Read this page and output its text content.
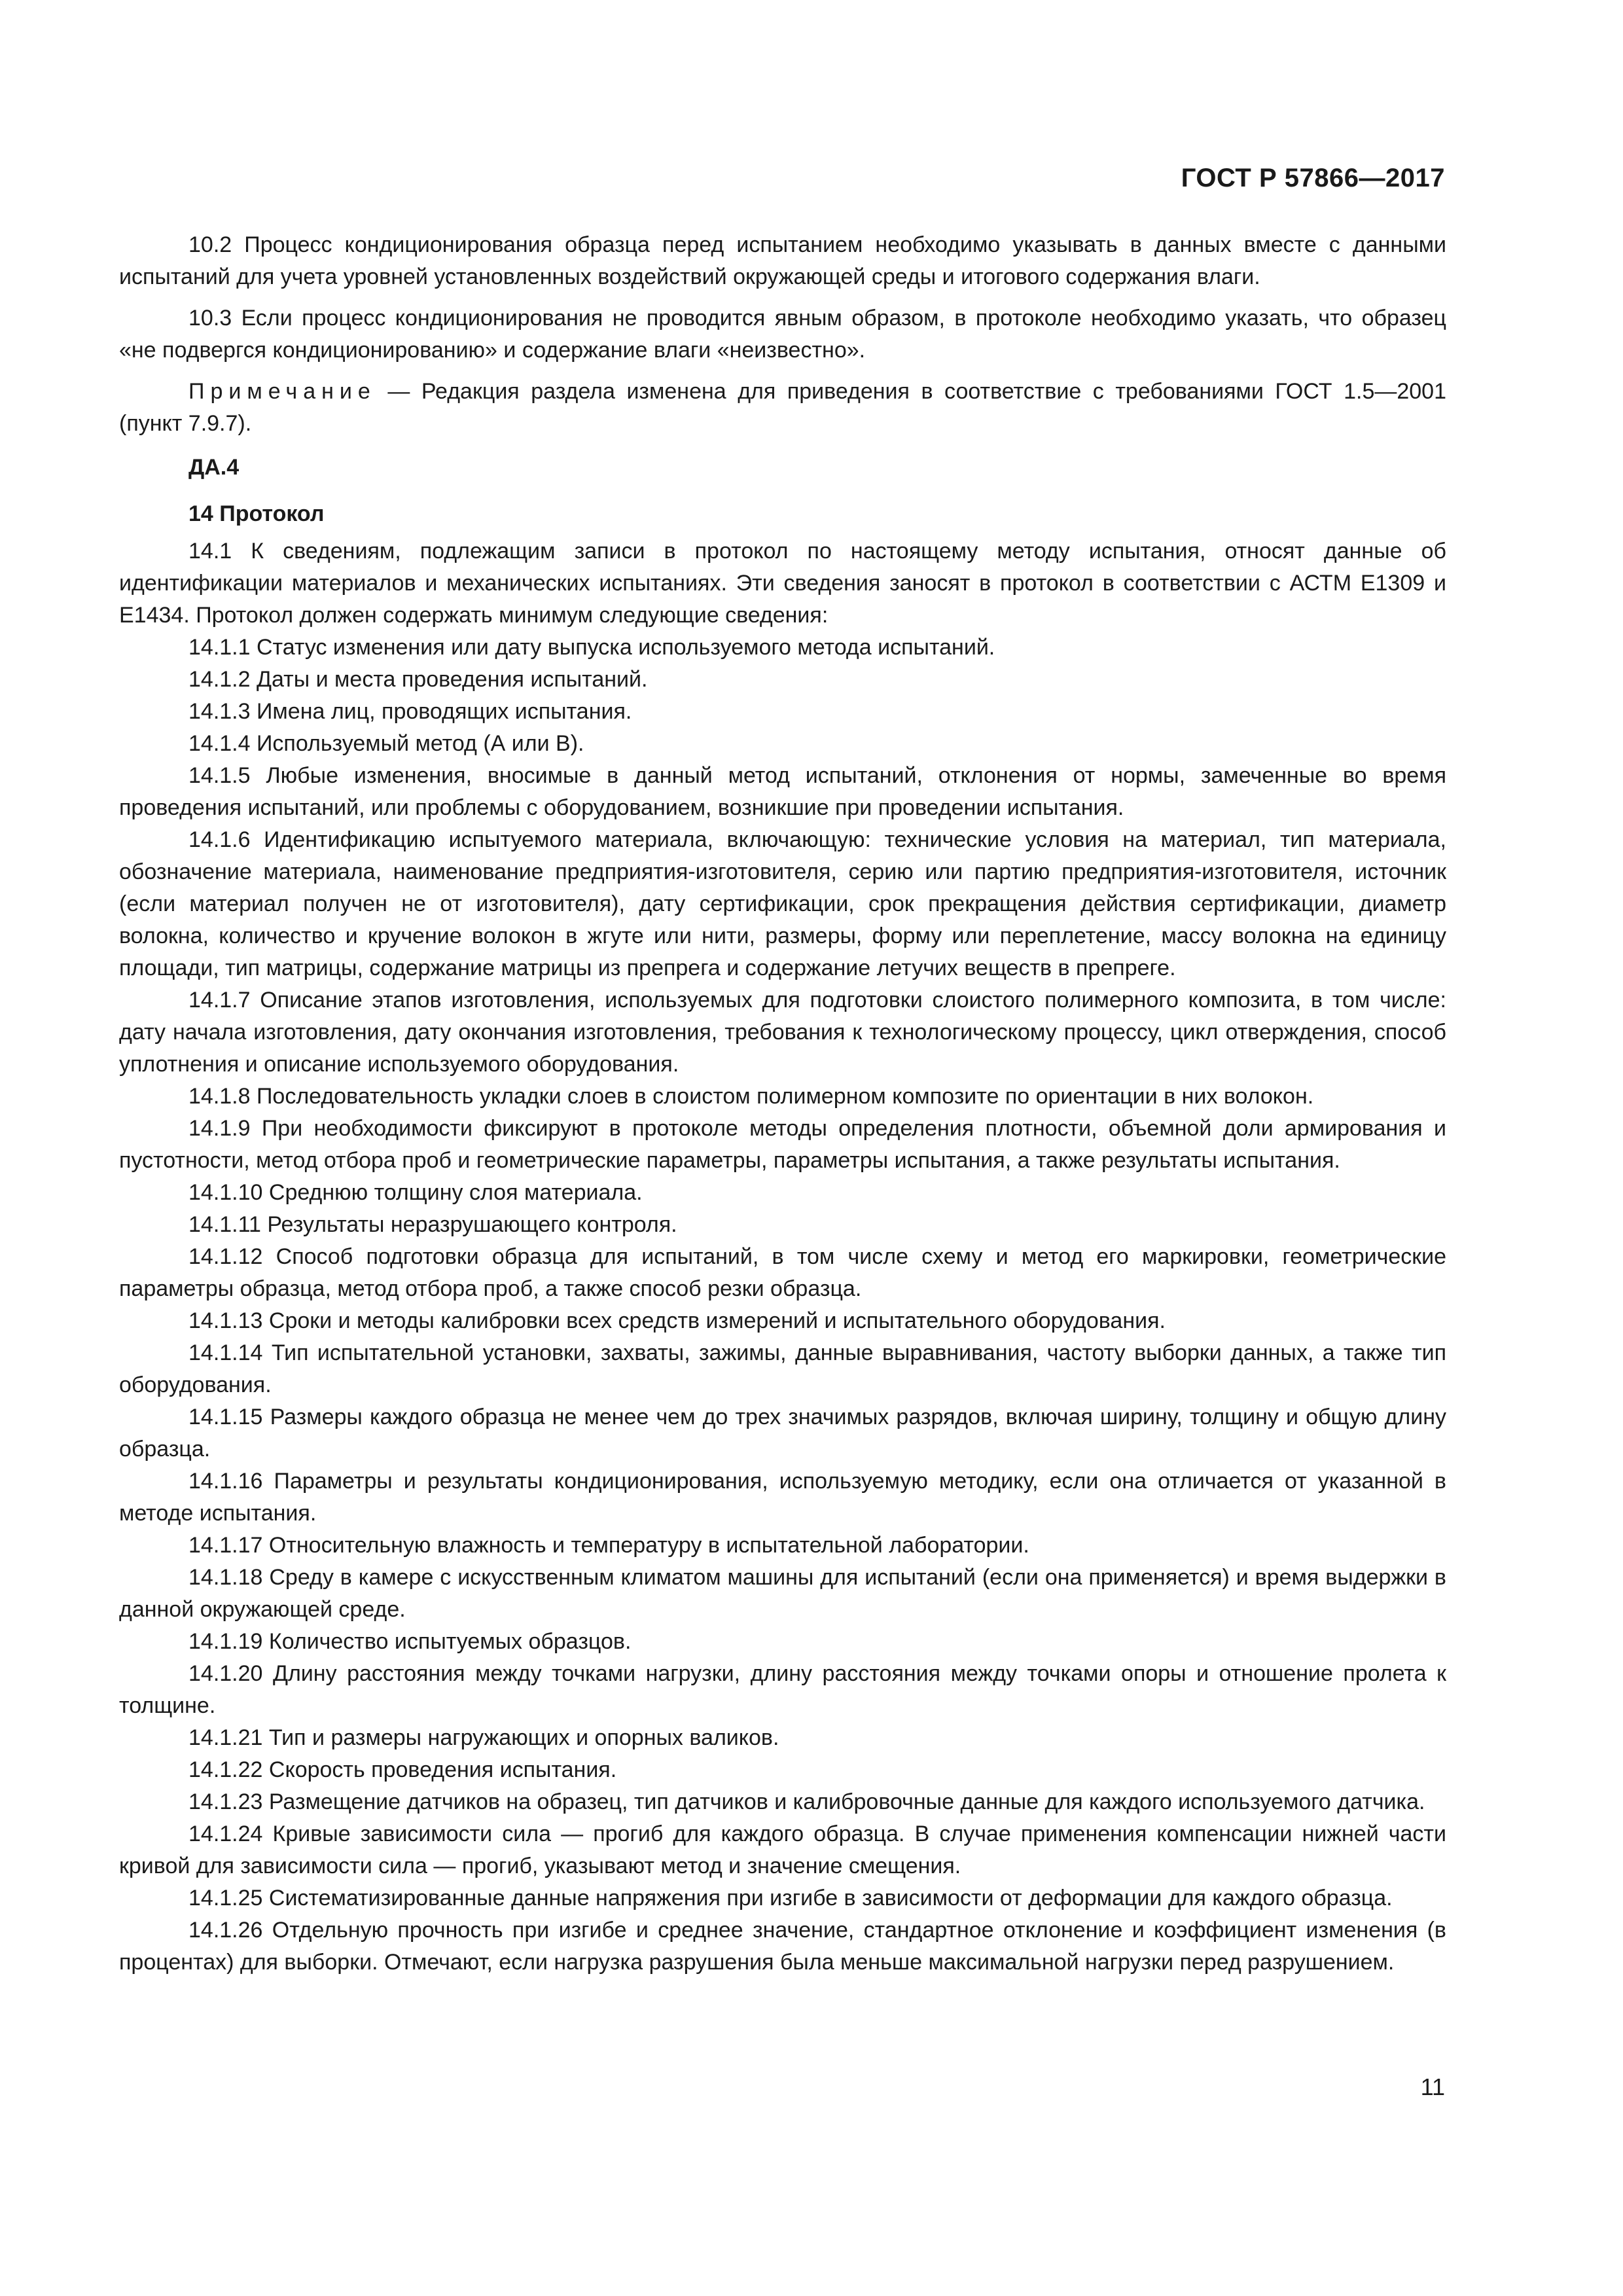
ГОСТ Р 57866—2017

10.2 Процесс кондиционирования образца перед испытанием необходимо указывать в данных вместе с данными испытаний для учета уровней установленных воздействий окружающей среды и итогового содержания влаги.

10.3 Если процесс кондиционирования не проводится явным образом, в протоколе необходимо указать, что образец «не подвергся кондиционированию» и содержание влаги «неизвестно».

Примечание — Редакция раздела изменена для приведения в соответствие с требованиями ГОСТ 1.5—2001 (пункт 7.9.7).

ДА.4

14 Протокол

14.1 К сведениям, подлежащим записи в протокол по настоящему методу испытания, относят данные об идентификации материалов и механических испытаниях. Эти сведения заносят в протокол в соответствии с АСТМ Е1309 и Е1434. Протокол должен содержать минимум следующие сведения:

14.1.1 Статус изменения или дату выпуска используемого метода испытаний.

14.1.2 Даты и места проведения испытаний.

14.1.3 Имена лиц, проводящих испытания.

14.1.4 Используемый метод (А или В).

14.1.5 Любые изменения, вносимые в данный метод испытаний, отклонения от нормы, замеченные во время проведения испытаний, или проблемы с оборудованием, возникшие при проведении испытания.

14.1.6 Идентификацию испытуемого материала, включающую: технические условия на материал, тип материала, обозначение материала, наименование предприятия-изготовителя, серию или партию предприятия-изготовителя, источник (если материал получен не от изготовителя), дату сертификации, срок прекращения действия сертификации, диаметр волокна, количество и кручение волокон в жгуте или нити, размеры, форму или переплетение, массу волокна на единицу площади, тип матрицы, содержание матрицы из препрега и содержание летучих веществ в препреге.

14.1.7 Описание этапов изготовления, используемых для подготовки слоистого полимерного композита, в том числе: дату начала изготовления, дату окончания изготовления, требования к технологическому процессу, цикл отверждения, способ уплотнения и описание используемого оборудования.

14.1.8 Последовательность укладки слоев в слоистом полимерном композите по ориентации в них волокон.

14.1.9 При необходимости фиксируют в протоколе методы определения плотности, объемной доли армирования и пустотности, метод отбора проб и геометрические параметры, параметры испытания, а также результаты испытания.

14.1.10 Среднюю толщину слоя материала.

14.1.11 Результаты неразрушающего контроля.

14.1.12 Способ подготовки образца для испытаний, в том числе схему и метод его маркировки, геометрические параметры образца, метод отбора проб, а также способ резки образца.

14.1.13 Сроки и методы калибровки всех средств измерений и испытательного оборудования.

14.1.14 Тип испытательной установки, захваты, зажимы, данные выравнивания, частоту выборки данных, а также тип оборудования.

14.1.15 Размеры каждого образца не менее чем до трех значимых разрядов, включая ширину, толщину и общую длину образца.

14.1.16 Параметры и результаты кондиционирования, используемую методику, если она отличается от указанной в методе испытания.

14.1.17 Относительную влажность и температуру в испытательной лаборатории.

14.1.18 Среду в камере с искусственным климатом машины для испытаний (если она применяется) и время выдержки в данной окружающей среде.

14.1.19 Количество испытуемых образцов.

14.1.20 Длину расстояния между точками нагрузки, длину расстояния между точками опоры и отношение пролета к толщине.

14.1.21 Тип и размеры нагружающих и опорных валиков.

14.1.22 Скорость проведения испытания.

14.1.23 Размещение датчиков на образец, тип датчиков и калибровочные данные для каждого используемого датчика.

14.1.24 Кривые зависимости сила — прогиб для каждого образца. В случае применения компенсации нижней части кривой для зависимости сила — прогиб, указывают метод и значение смещения.

14.1.25 Систематизированные данные напряжения при изгибе в зависимости от деформации для каждого образца.

14.1.26 Отдельную прочность при изгибе и среднее значение, стандартное отклонение и коэффициент изменения (в процентах) для выборки. Отмечают, если нагрузка разрушения была меньше максимальной нагрузки перед разрушением.

11
